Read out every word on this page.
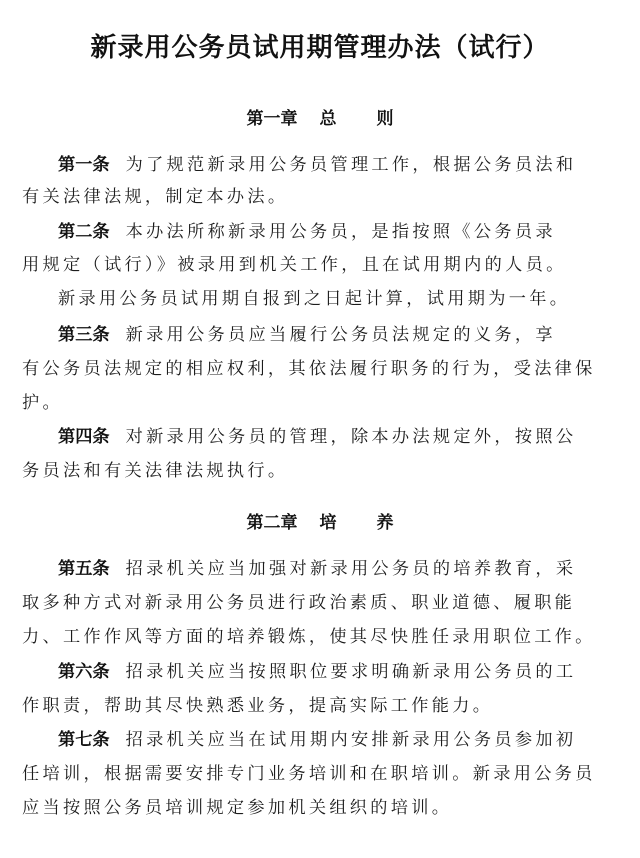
新录用公务员试用期管理办法（试行）
第一章 总 则
第一条 为了规范新录用公务员管理工作，根据公务员法和
有关法律法规，制定本办法。
第二条 本办法所称新录用公务员，是指按照《公务员录
用规定（试行）》被录用到机关工作，且在试用期内的人员。
新录用公务员试用期自报到之日起计算，试用期为一年。
第三条 新录用公务员应当履行公务员法规定的义务，享
有公务员法规定的相应权利，其依法履行职务的行为，受法律保
护。
第四条 对新录用公务员的管理，除本办法规定外，按照公
务员法和有关法律法规执行。
第二章 培 养
第五条 招录机关应当加强对新录用公务员的培养教育，采
取多种方式对新录用公务员进行政治素质、职业道德、履职能
力、工作作风等方面的培养锻炼，使其尽快胜任录用职位工作。
第六条 招录机关应当按照职位要求明确新录用公务员的工
作职责，帮助其尽快熟悉业务，提高实际工作能力。
第七条 招录机关应当在试用期内安排新录用公务员参加初
任培训，根据需要安排专门业务培训和在职培训。新录用公务员
应当按照公务员培训规定参加机关组织的培训。
